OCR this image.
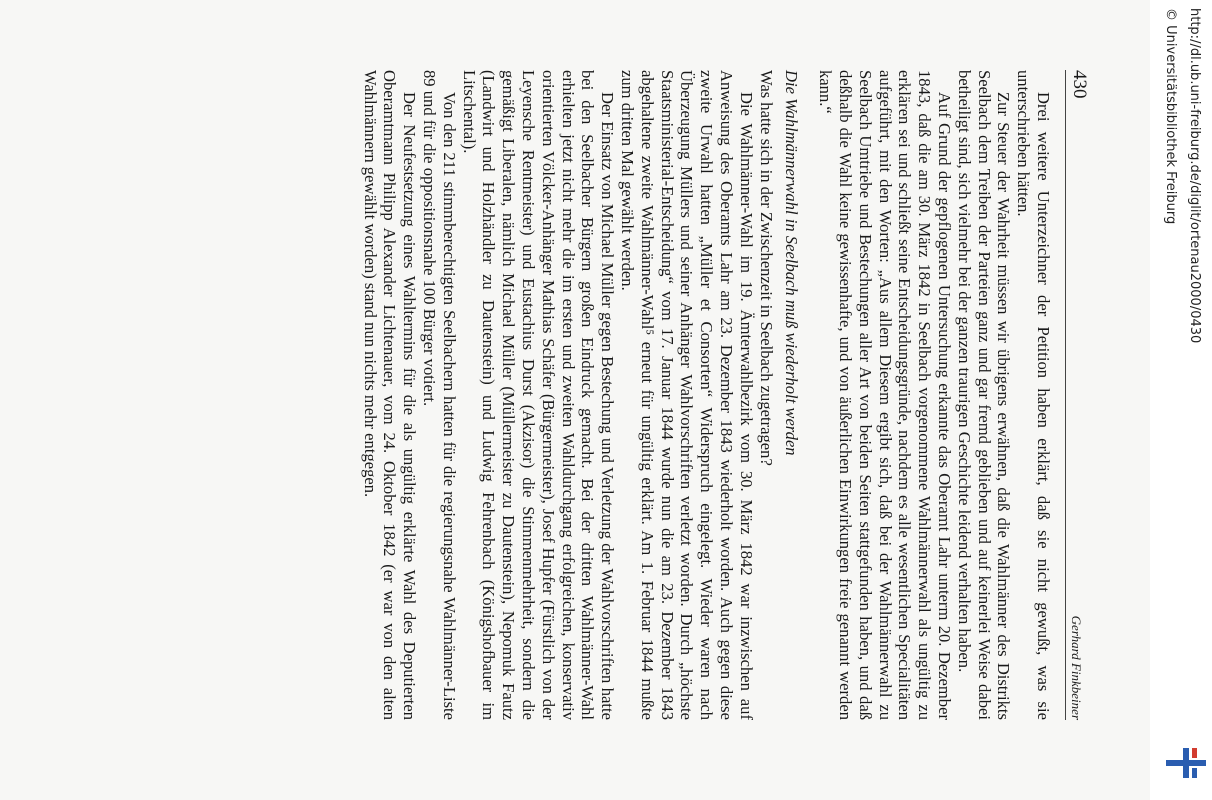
430
Gerhard Finkbeiner

Drei weitere Unterzeichner der Petition haben erklärt, daß sie nicht gewußt, was sie unterschrieben hätten.

Zur Steuer der Wahrheit müssen wir übrigens erwähnen, daß die Wahlmänner des Distrikts Seelbach dem Treiben der Parteien ganz und gar fremd geblieben und auf keinerlei Weise dabei betheiligt sind, sich vielmehr bei der ganzen traurigen Geschichte leidend verhalten haben.

Auf Grund der gepflogenen Untersuchung erkannte das Oberamt Lahr unterm 20. Dezember 1843, daß die am 30. März 1842 in Seelbach vorgenommene Wahlmännerwahl als ungültig zu erklären sei und schließt seine Entscheidungsgründe, nachdem es alle wesentlichen Specialitäten aufgeführt, mit den Worten: „Aus allem Diesem ergibt sich, daß bei der Wahlmännerwahl zu Seelbach Umtriebe und Bestechungen aller Art von beiden Seiten stattgefunden haben, und daß deßhalb die Wahl keine gewissenhafte, und von äußerlichen Einwirkungen freie genannt werden kann.“

Die Wahlmännerwahl in Seelbach muß wiederholt werden

Was hatte sich in der Zwischenzeit in Seelbach zugetragen?

Die Wahlmänner-Wahl im 19. Ämterwahlbezirk vom 30. März 1842 war inzwischen auf Anweisung des Oberamts Lahr am 23. Dezember 1843 wiederholt worden. Auch gegen diese zweite Urwahl hatten „Müller et Consorten“ Widerspruch eingelegt. Wieder waren nach Überzeugung Müllers und seiner Anhänger Wahlvorschriften verletzt worden. Durch „höchste Staatsministerial-Entscheidung“ vom 17. Januar 1844 wurde nun die am 23. Dezember 1843 abgehaltene zweite Wahlmänner-Wahl⁵ erneut für ungültig erklärt. Am 1. Februar 1844 mußte zum dritten Mal gewählt werden.

Der Einsatz von Michael Müller gegen Bestechung und Verletzung der Wahlvorschriften hatte bei den Seelbacher Bürgern großen Eindruck gemacht. Bei der dritten Wahlmänner-Wahl erhielten jetzt nicht mehr die im ersten und zweiten Wahldurchgang erfolgreichen, konservativ orientierten Völcker-Anhänger Mathias Schäfer (Bürgermeister), Josef Hupfer (Fürstlich von der Leyensche Rentmeister) und Eustachius Durst (Akzisor) die Stimmenmehrheit, sondern die gemäßigt Liberalen, nämlich Michael Müller (Müllermeister zu Dautenstein), Nepomuk Fautz (Landwirt und Holzhändler zu Dautenstein) und Ludwig Fehrenbach (Königshofbauer im Litschental).

Von den 211 stimmberechtigten Seelbachern hatten für die regierungsnahe Wahlmänner-Liste 89 und für die oppositionsnahe 100 Bürger votiert.

Der Neufestsetzung eines Wahltermins für die als ungültig erklärte Wahl des Deputierten Oberamtmann Philipp Alexander Lichtenauer, vom 24. Oktober 1842 (er war von den alten Wahlmännern gewählt worden) stand nun nichts mehr entgegen.	http://dl.ub.uni-freiburg.de/diglit/ortenau2000/0430
© Universitätsbibliothek Freiburg
